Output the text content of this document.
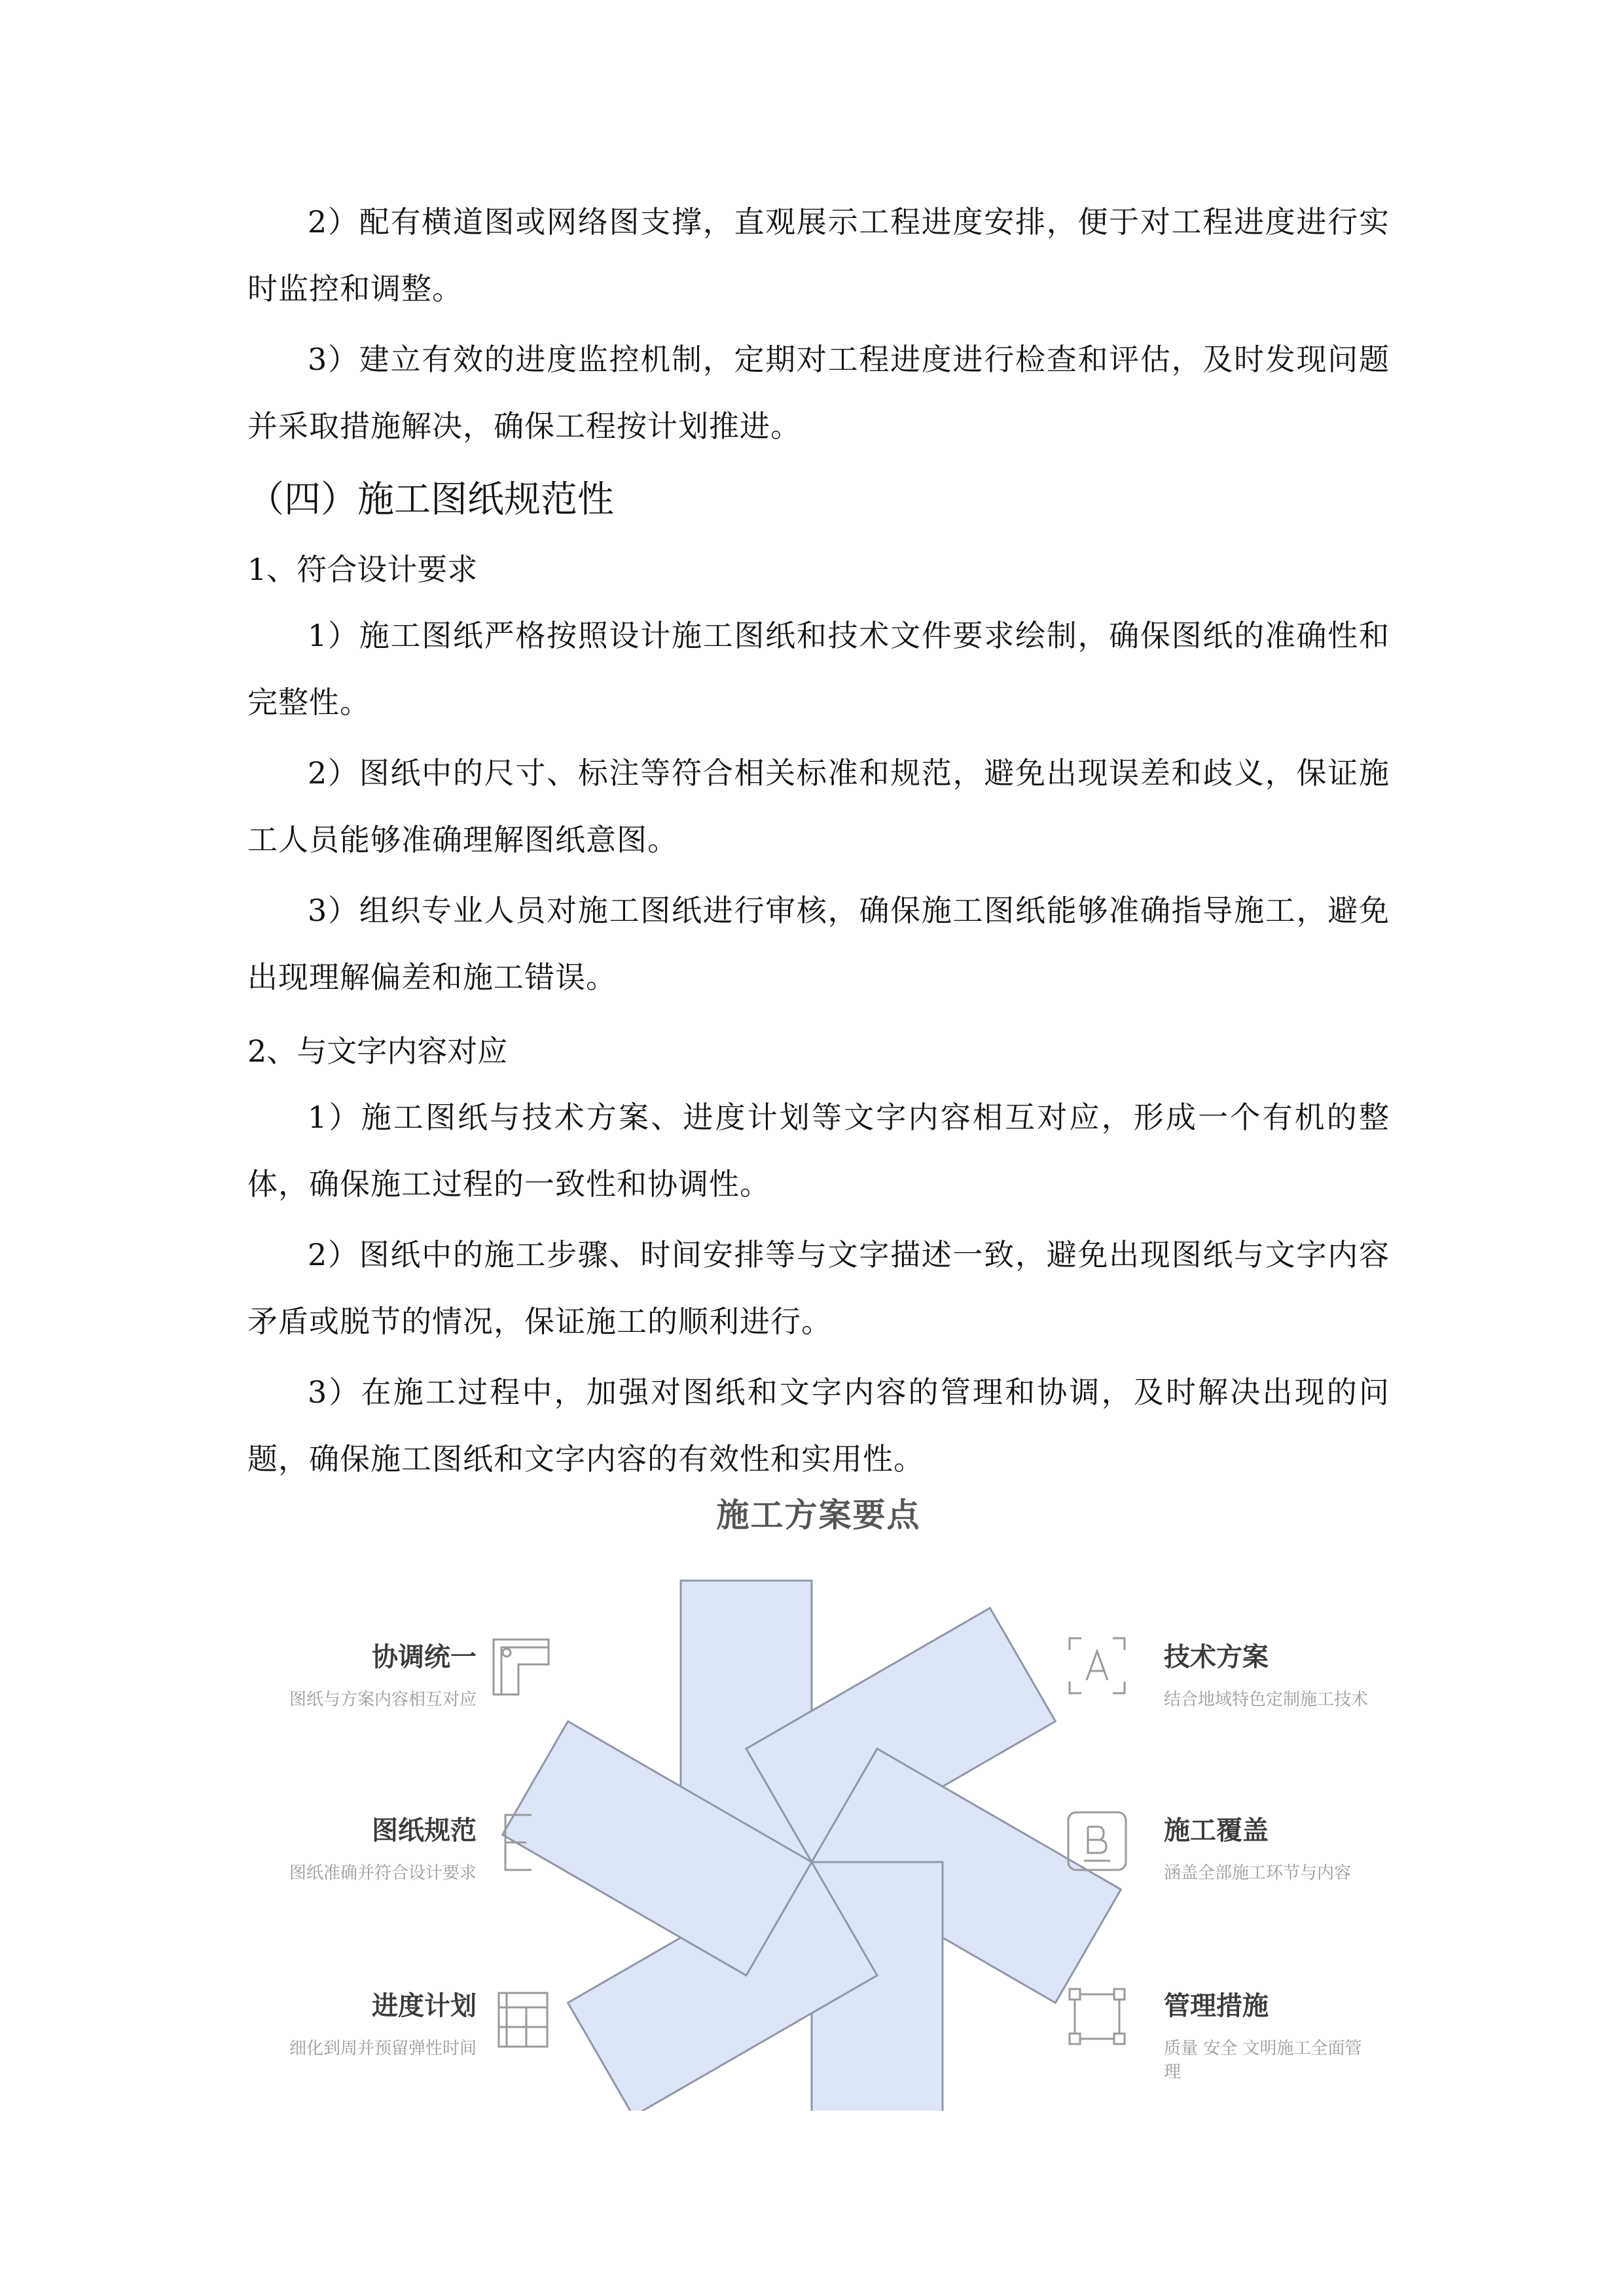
2）配有横道图或网络图支撑，直观展示工程进度安排，便于对工程进度进行实时监控和调整。

3）建立有效的进度监控机制，定期对工程进度进行检查和评估，及时发现问题并采取措施解决，确保工程按计划推进。

（四）施工图纸规范性

1、符合设计要求

1）施工图纸严格按照设计施工图纸和技术文件要求绘制，确保图纸的准确性和完整性。

2）图纸中的尺寸、标注等符合相关标准和规范，避免出现误差和歧义，保证施工人员能够准确理解图纸意图。

3）组织专业人员对施工图纸进行审核，确保施工图纸能够准确指导施工，避免出现理解偏差和施工错误。

2、与文字内容对应

1）施工图纸与技术方案、进度计划等文字内容相互对应，形成一个有机的整体，确保施工过程的一致性和协调性。

2）图纸中的施工步骤、时间安排等与文字描述一致，避免出现图纸与文字内容矛盾或脱节的情况，保证施工的顺利进行。

3）在施工过程中，加强对图纸和文字内容的管理和协调，及时解决出现的问题，确保施工图纸和文字内容的有效性和实用性。

施工方案要点
协调统一
图纸与方案内容相互对应
图纸规范
图纸准确并符合设计要求
进度计划
细化到周并预留弹性时间
技术方案
结合地域特色定制施工技术
施工覆盖
涵盖全部施工环节与内容
管理措施
质量 安全 文明施工全面管理
